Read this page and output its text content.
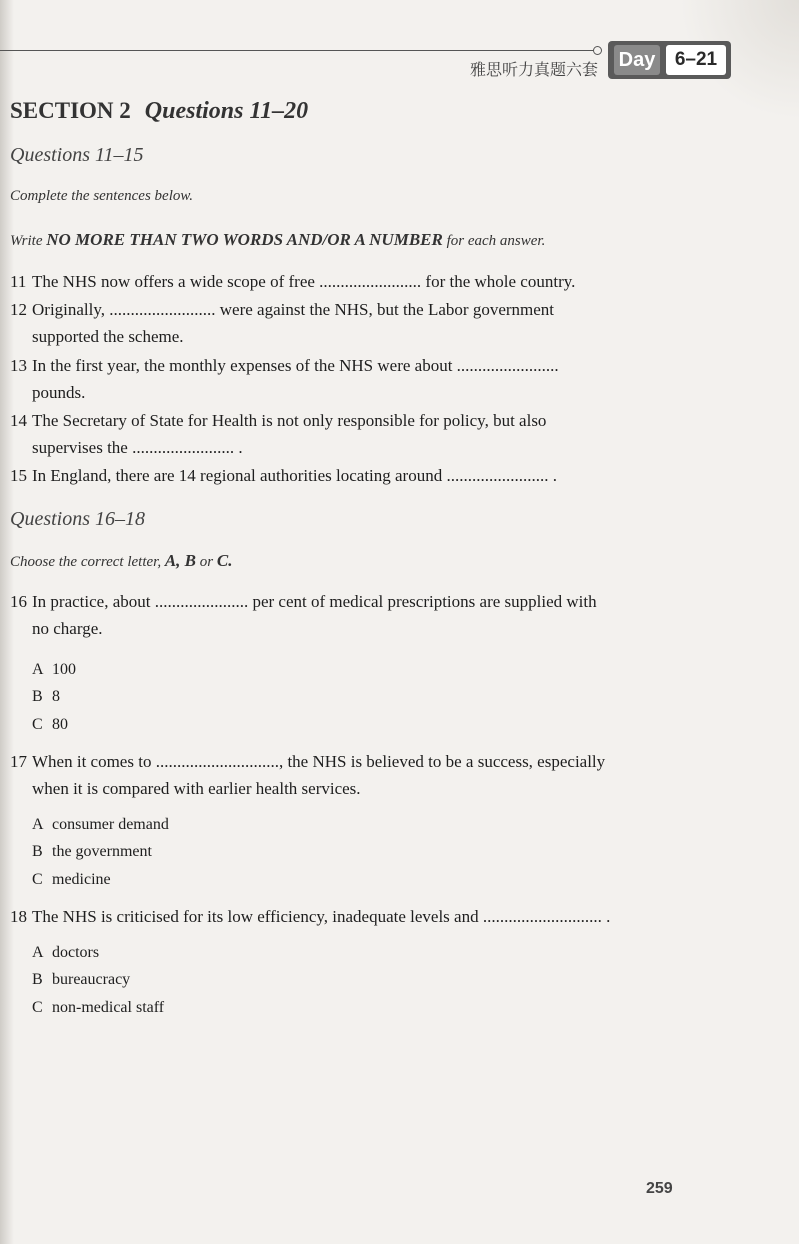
雅思听力真题六套 Day	6–21
SECTION 2 Questions 11–20
Questions 11–15
Complete the sentences below.
Write NO MORE THAN TWO WORDS AND/OR A NUMBER for each answer.
11 The NHS now offers a wide scope of free ........................ for the whole country.
12 Originally, ......................... were against the NHS, but the Labor government
supported the scheme.
13 In the first year, the monthly expenses of the NHS were about ........................
pounds.
14 The Secretary of State for Health is not only responsible for policy, but also
supervises the ........................ .
15 In England, there are 14 regional authorities locating around ........................ .
Questions 16–18
Choose the correct letter, A, B or C.
16 In practice, about ...................... per cent of medical prescriptions are supplied with
no charge.
A 100
B 8
C 80
17 When it comes to ............................., the NHS is believed to be a success, especially
when it is compared with earlier health services.
A consumer demand
B the government
C medicine
18 The NHS is criticised for its low efficiency, inadequate levels and ............................ .
A doctors
B bureaucracy
C non-medical staff
259
